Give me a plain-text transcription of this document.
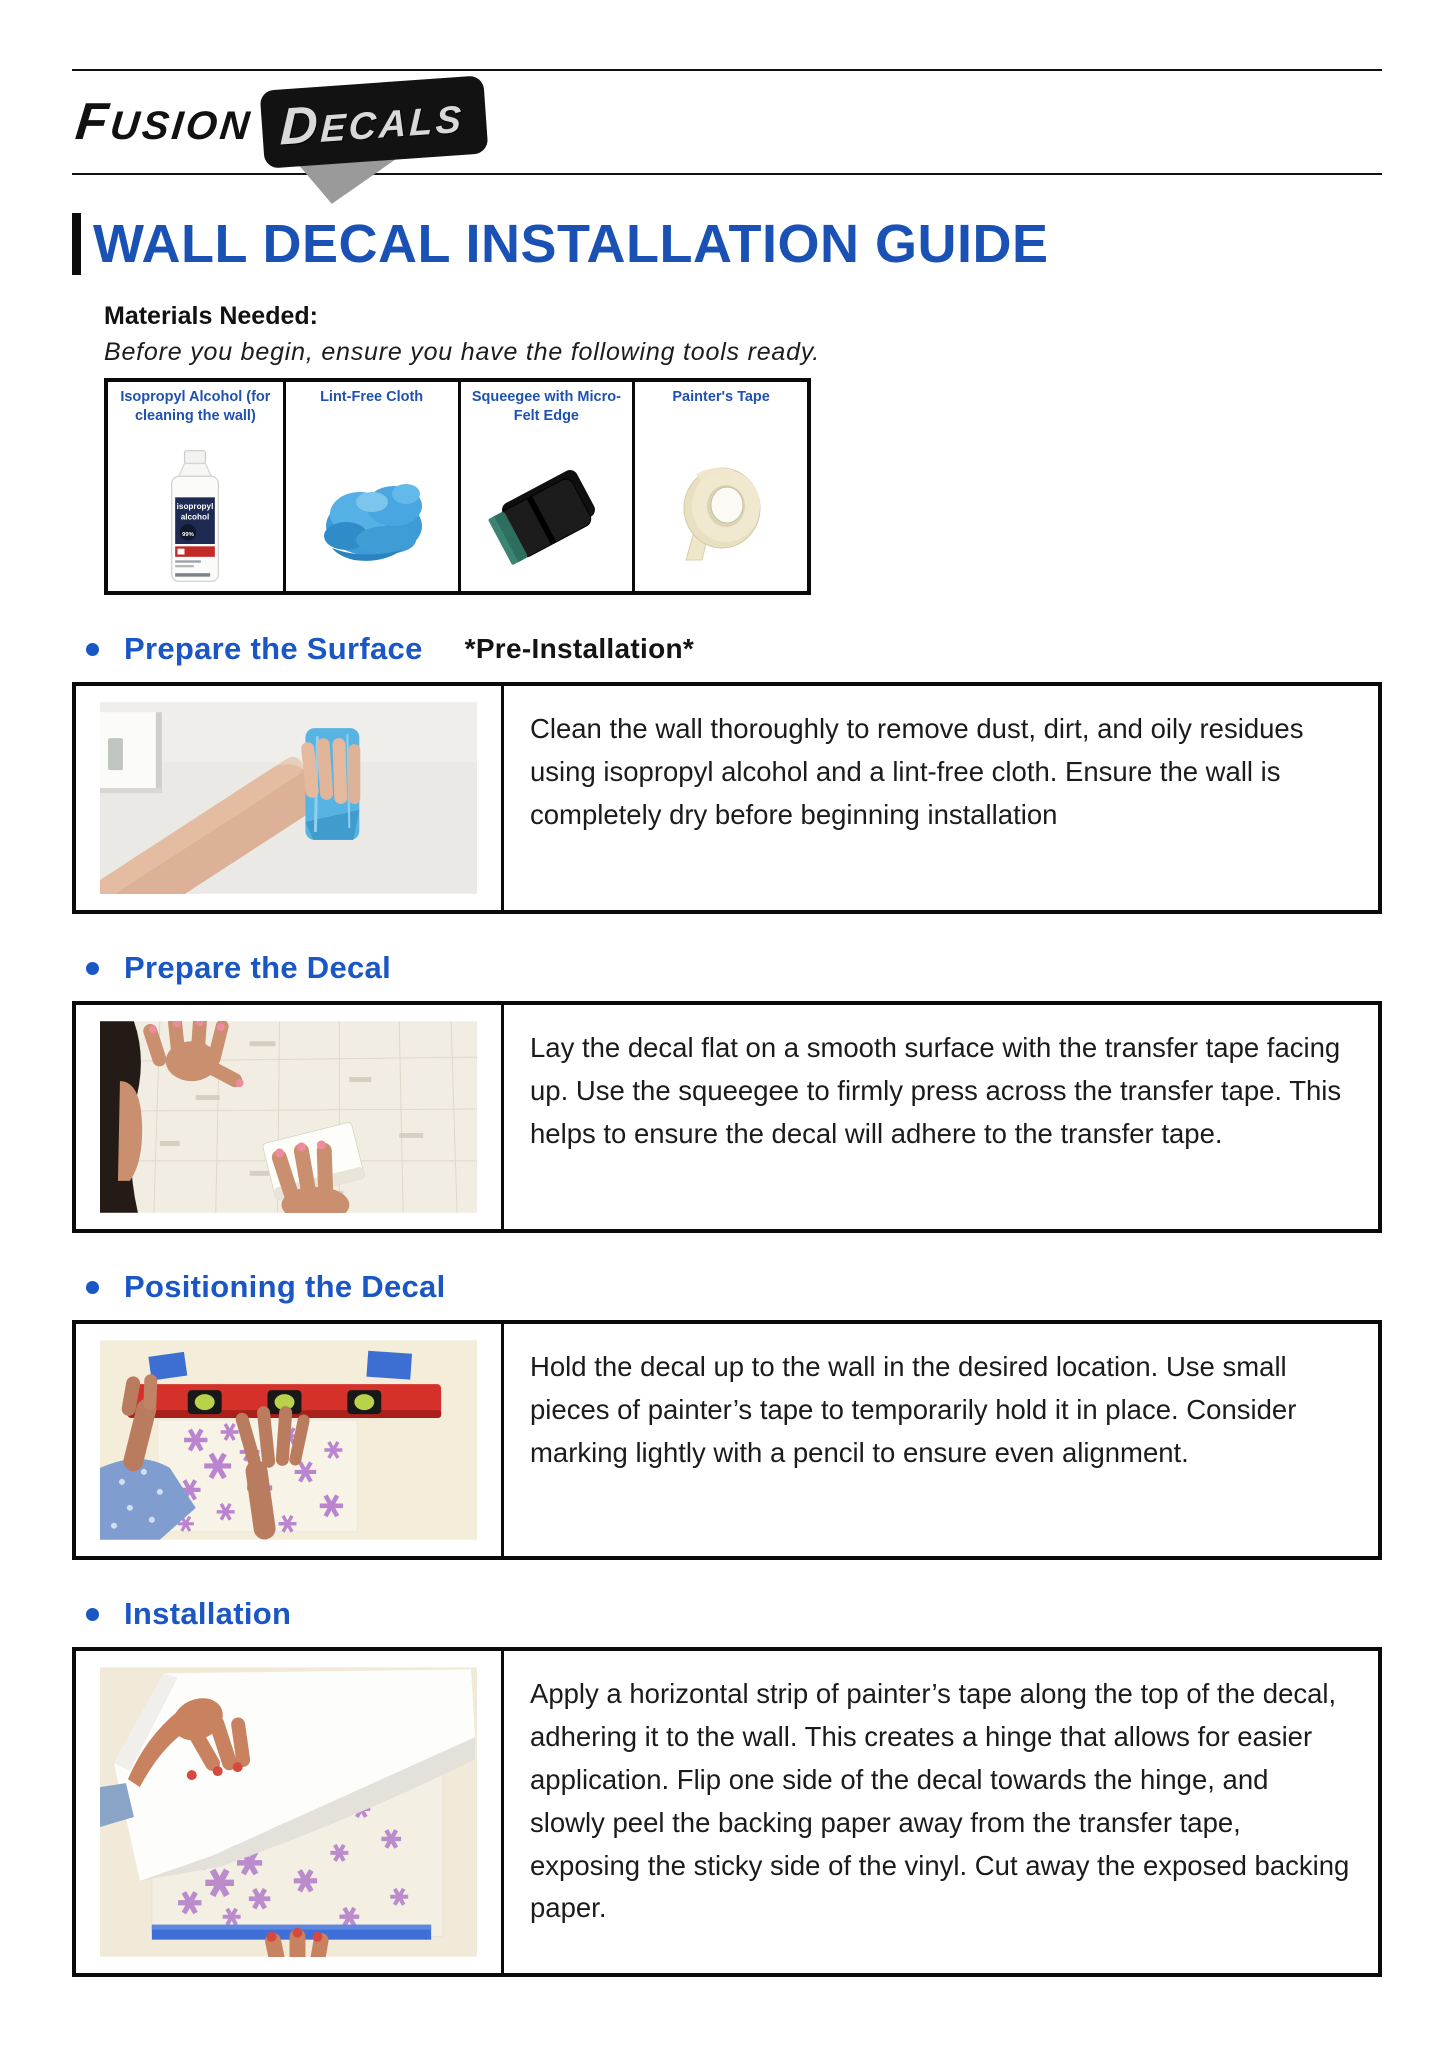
FUSION DECALS
WALL DECAL INSTALLATION GUIDE
Materials Needed:
Before you begin, ensure you have the following tools ready.
Isopropyl Alcohol (for cleaning the wall)
isopropyl
alcohol
99%
Lint-Free Cloth	Squeegee with Micro-Felt Edge
Painter's Tape
Prepare the Surface *Pre-Installation*
Clean the wall thoroughly to remove dust, dirt, and oily residues using isopropyl alcohol and a lint-free cloth. Ensure the wall is completely dry before beginning installation
Prepare the Decal
Lay the decal flat on a smooth surface with the transfer tape facing up. Use the squeegee to firmly press across the transfer tape. This helps to ensure the decal will adhere to the transfer tape.
Positioning the Decal
Hold the decal up to the wall in the desired location. Use small pieces of painter’s tape to temporarily hold it in place. Consider marking lightly with a pencil to ensure even alignment.
Installation
Apply a horizontal strip of painter’s tape along the top of the decal, adhering it to the wall. This creates a hinge that allows for easier application. Flip one side of the decal towards the hinge, and slowly peel the backing paper away from the transfer tape, exposing the sticky side of the vinyl. Cut away the exposed backing paper.
